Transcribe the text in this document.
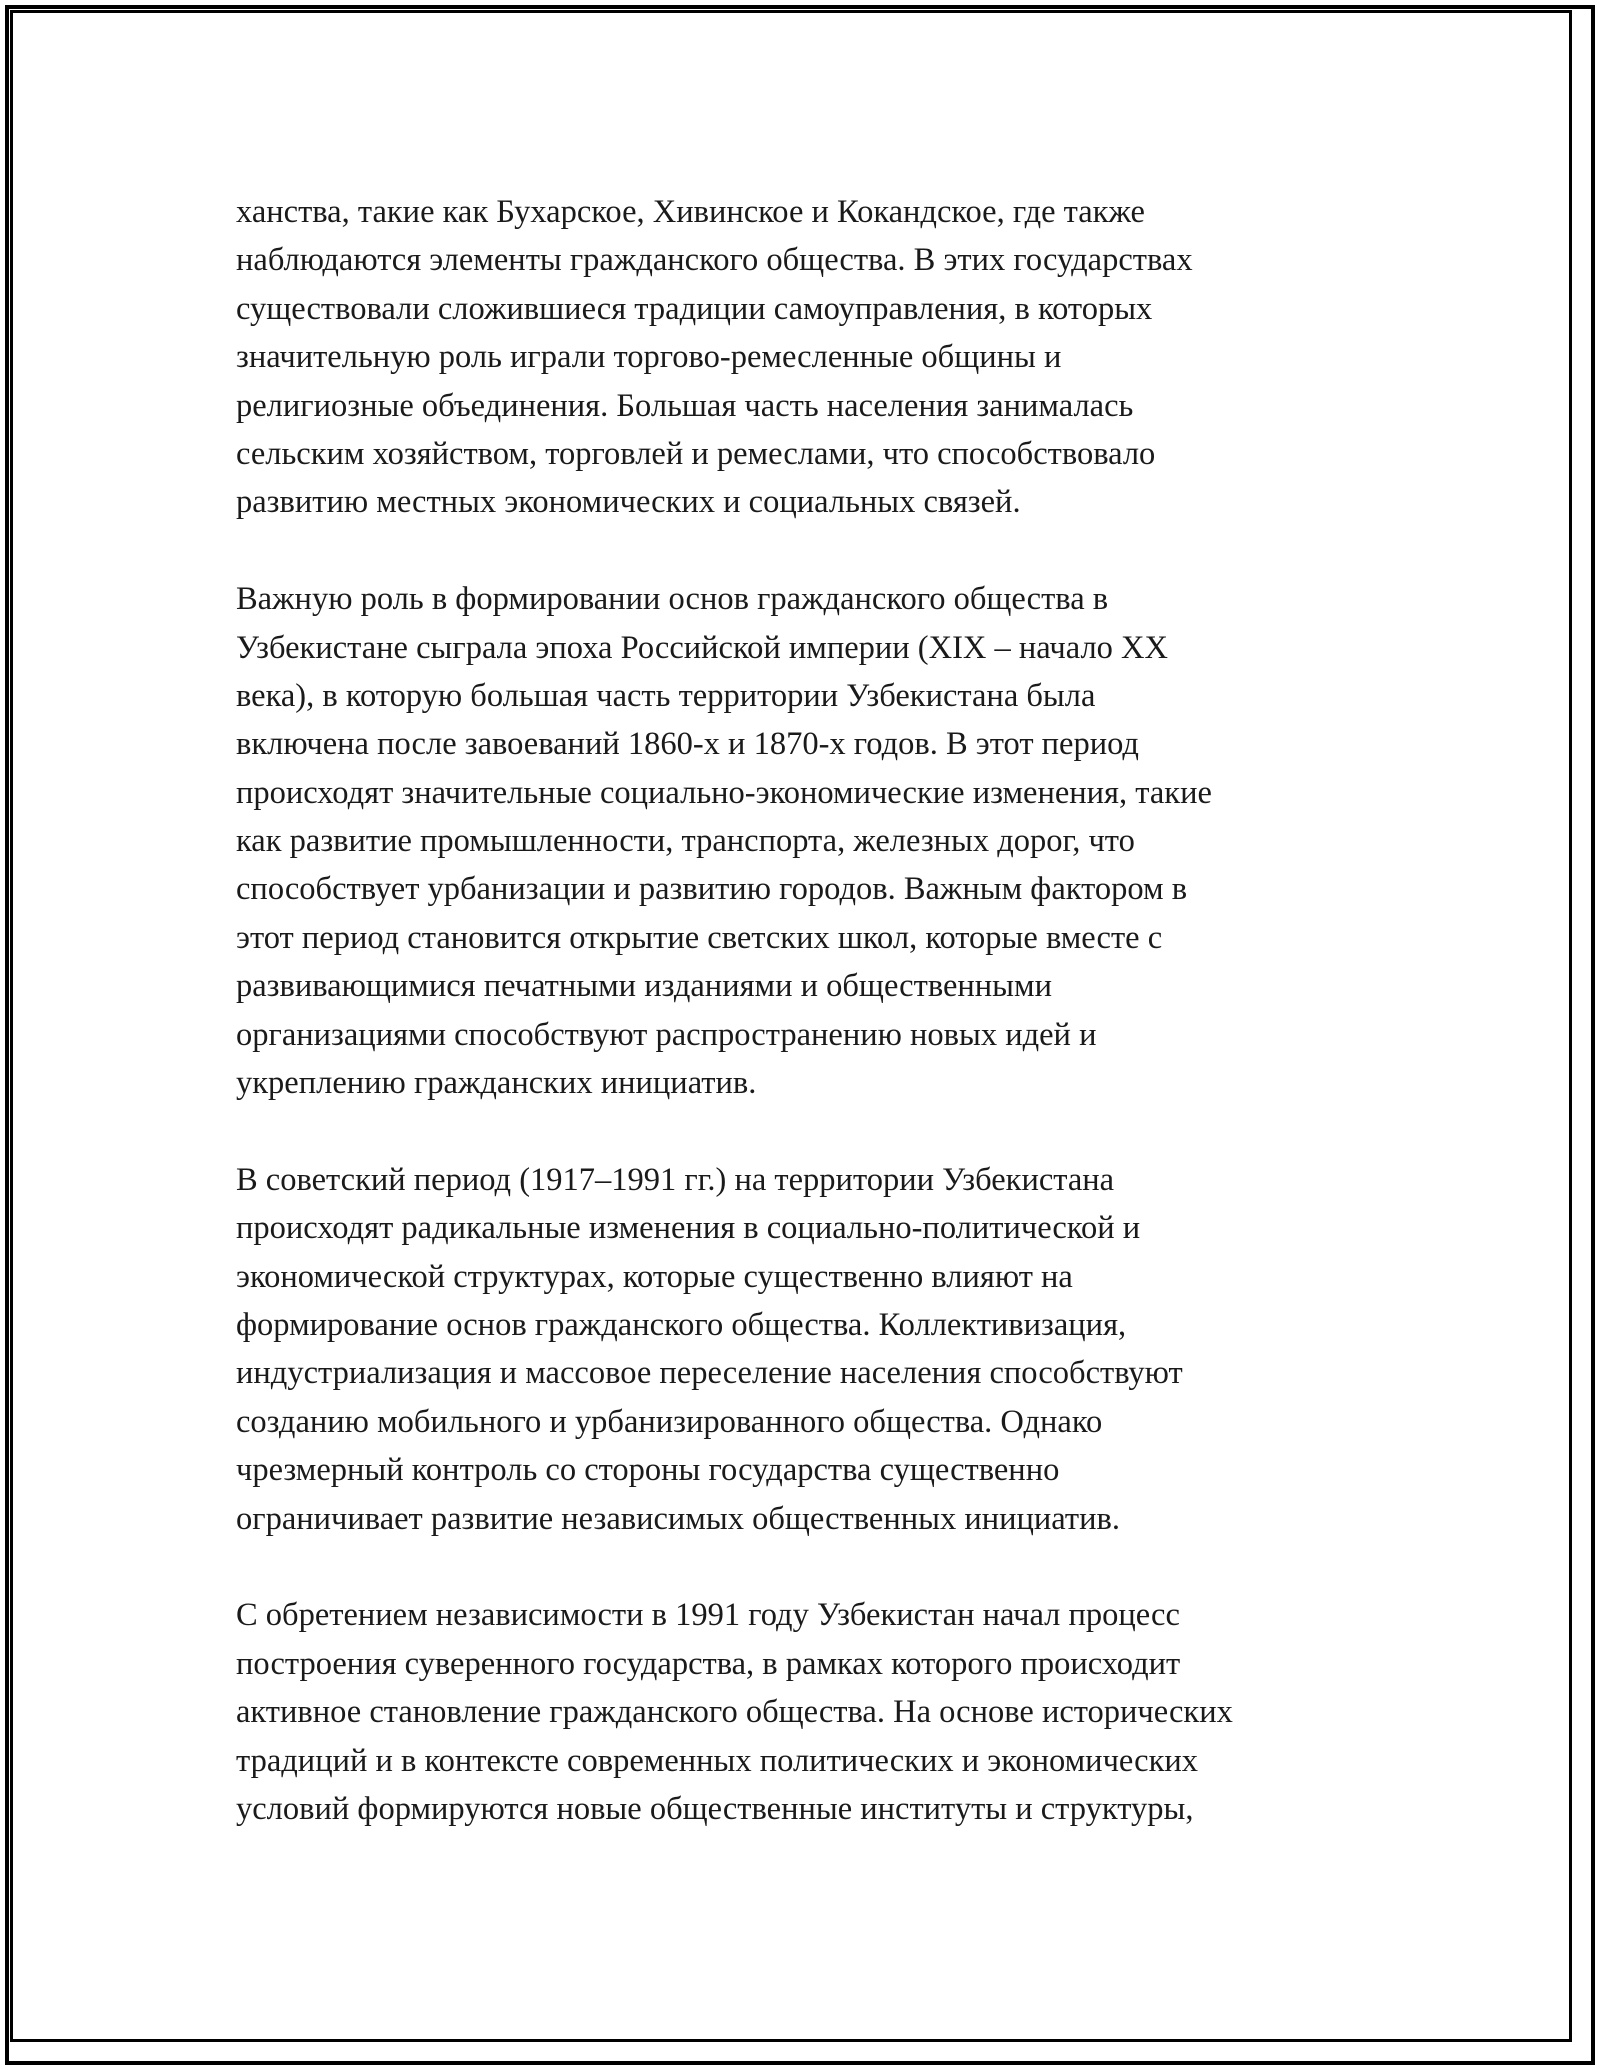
ханства, такие как Бухарское, Хивинское и Кокандское, где также
наблюдаются элементы гражданского общества. В этих государствах
существовали сложившиеся традиции самоуправления, в которых
значительную роль играли торгово-ремесленные общины и
религиозные объединения. Большая часть населения занималась
сельским хозяйством, торговлей и ремеслами, что способствовало
развитию местных экономических и социальных связей.

Важную роль в формировании основ гражданского общества в
Узбекистане сыграла эпоха Российской империи (XIX – начало XX
века), в которую большая часть территории Узбекистана была
включена после завоеваний 1860-х и 1870-х годов. В этот период
происходят значительные социально-экономические изменения, такие
как развитие промышленности, транспорта, железных дорог, что
способствует урбанизации и развитию городов. Важным фактором в
этот период становится открытие светских школ, которые вместе с
развивающимися печатными изданиями и общественными
организациями способствуют распространению новых идей и
укреплению гражданских инициатив.

В советский период (1917–1991 гг.) на территории Узбекистана
происходят радикальные изменения в социально-политической и
экономической структурах, которые существенно влияют на
формирование основ гражданского общества. Коллективизация,
индустриализация и массовое переселение населения способствуют
созданию мобильного и урбанизированного общества. Однако
чрезмерный контроль со стороны государства существенно
ограничивает развитие независимых общественных инициатив.

С обретением независимости в 1991 году Узбекистан начал процесс
построения суверенного государства, в рамках которого происходит
активное становление гражданского общества. На основе исторических
традиций и в контексте современных политических и экономических
условий формируются новые общественные институты и структуры,
